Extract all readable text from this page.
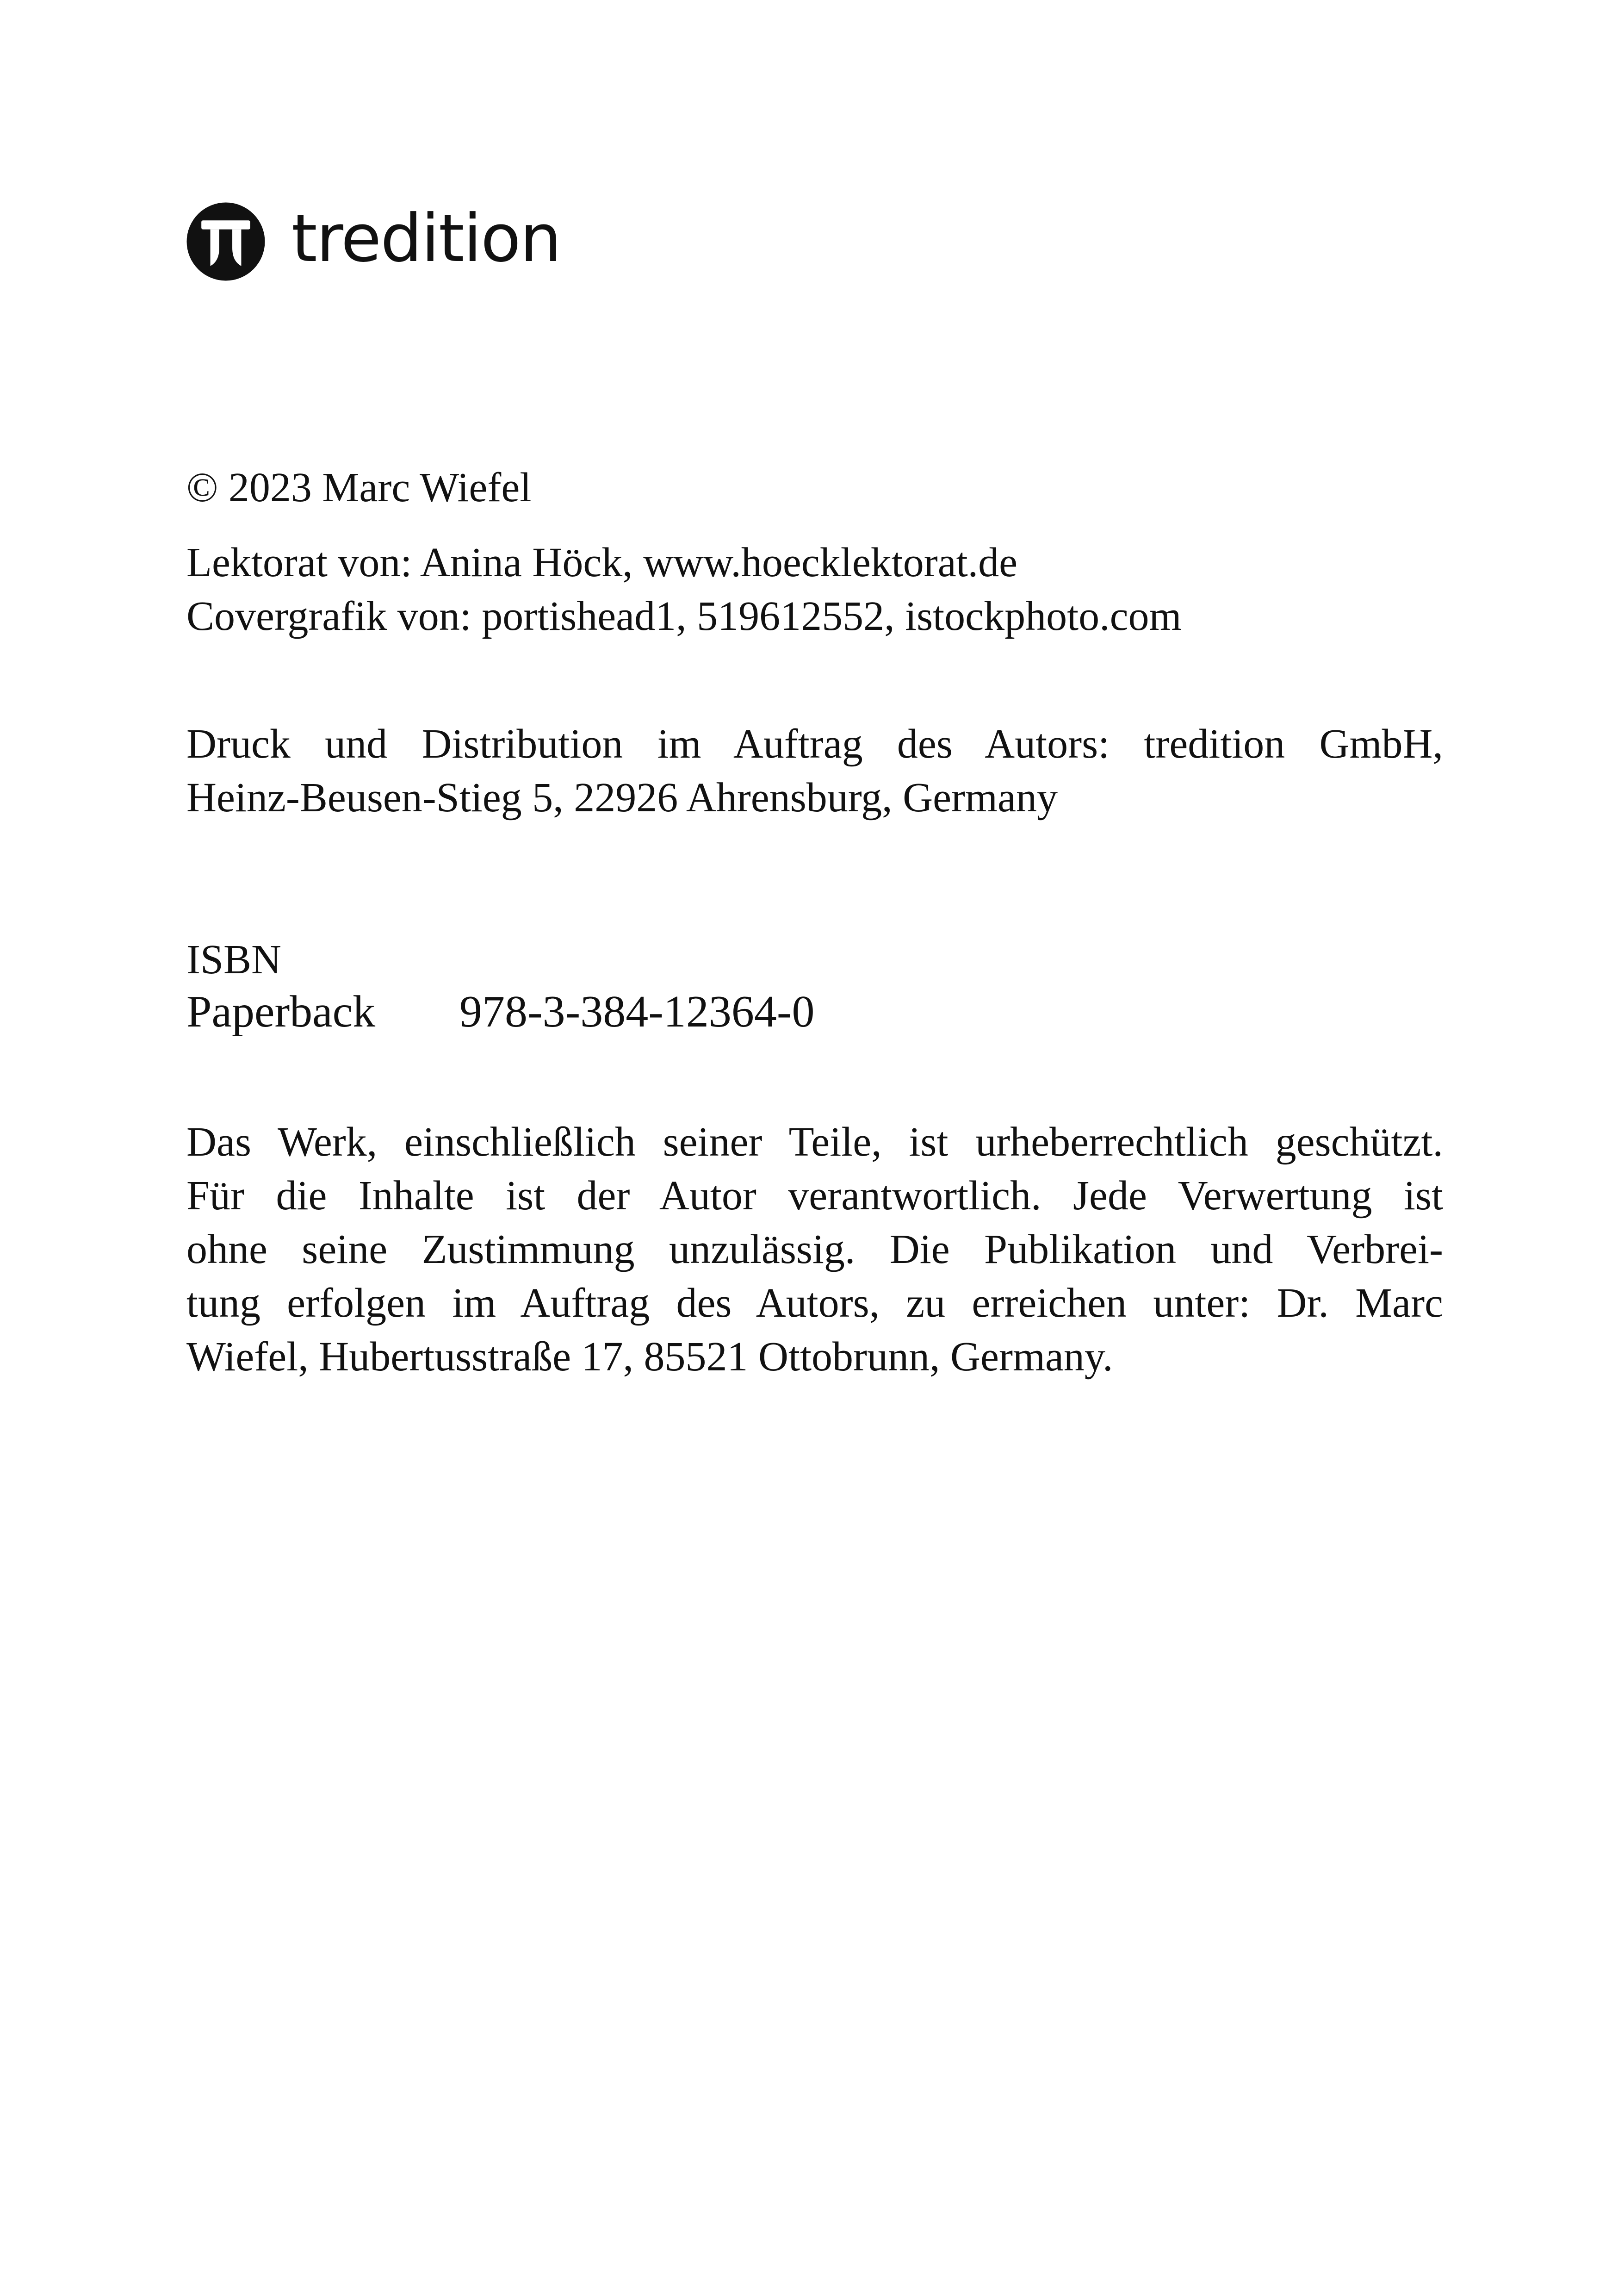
tredition
© 2023 Marc Wiefel
Lektorat von: Anina Höck, www.hoecklektorat.de
Covergrafik von: portishead1, 519612552, istockphoto.com
Druck und Distribution im Auftrag des Autors: tredition GmbH,
Heinz-Beusen-Stieg 5, 22926 Ahrensburg, Germany
ISBN
Paperback	978-3-384-12364-0
Das Werk, einschließlich seiner Teile, ist urheberrechtlich geschützt.
Für die Inhalte ist der Autor verantwortlich. Jede Verwertung ist
ohne seine Zustimmung unzulässig. Die Publikation und Verbrei-
tung erfolgen im Auftrag des Autors, zu erreichen unter: Dr. Marc
Wiefel, Hubertusstraße 17, 85521 Ottobrunn, Germany.
